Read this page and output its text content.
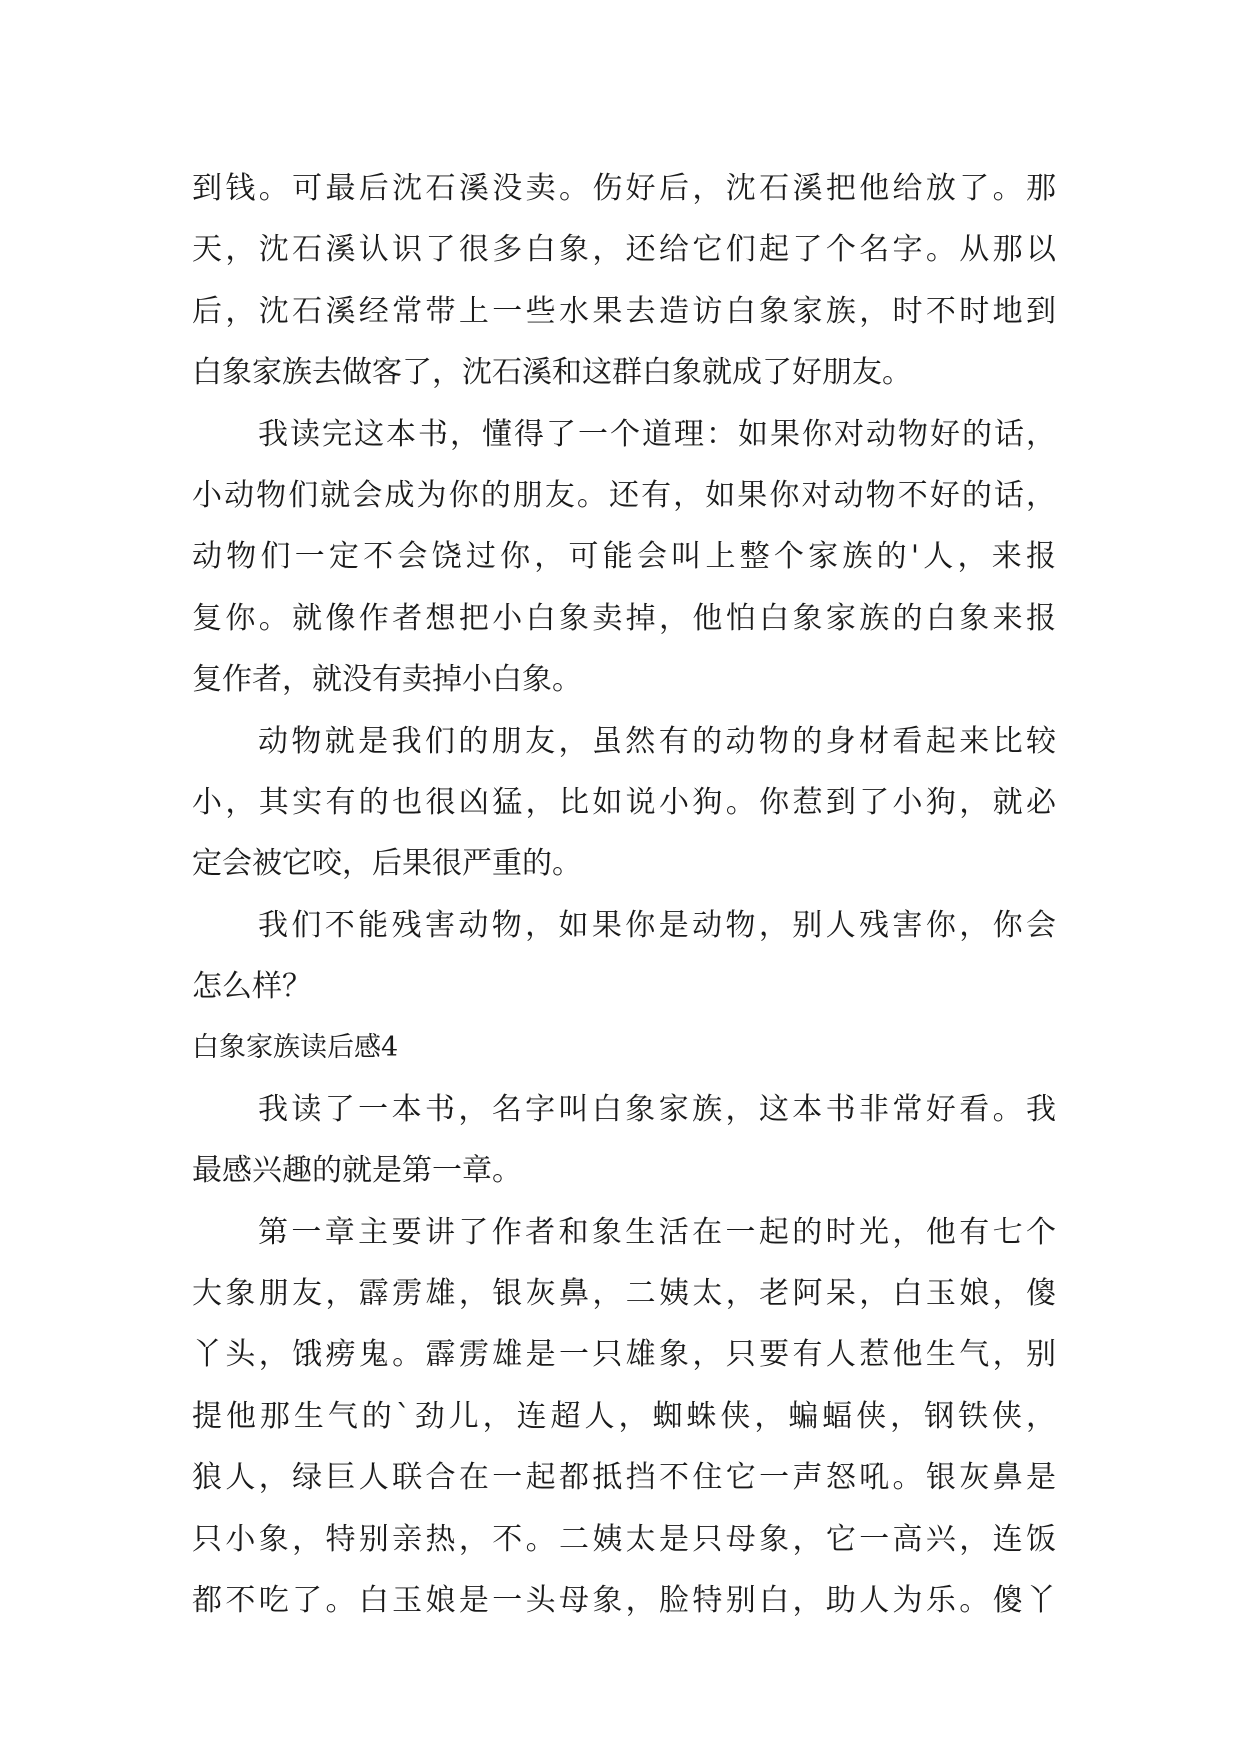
到钱。可最后沈石溪没卖。伤好后，沈石溪把他给放了。那
天，沈石溪认识了很多白象，还给它们起了个名字。从那以
后，沈石溪经常带上一些水果去造访白象家族，时不时地到
白象家族去做客了，沈石溪和这群白象就成了好朋友。
我读完这本书，懂得了一个道理：如果你对动物好的话，
小动物们就会成为你的朋友。还有，如果你对动物不好的话，
动物们一定不会饶过你，可能会叫上整个家族的'人，来报
复你。就像作者想把小白象卖掉，他怕白象家族的白象来报
复作者，就没有卖掉小白象。
动物就是我们的朋友，虽然有的动物的身材看起来比较
小，其实有的也很凶猛，比如说小狗。你惹到了小狗，就必
定会被它咬，后果很严重的。
我们不能残害动物，如果你是动物，别人残害你，你会
怎么样？
白象家族读后感4
我读了一本书，名字叫白象家族，这本书非常好看。我
最感兴趣的就是第一章。
第一章主要讲了作者和象生活在一起的时光，他有七个
大象朋友，霹雳雄，银灰鼻，二姨太，老阿呆，白玉娘，傻
丫头，饿痨鬼。霹雳雄是一只雄象，只要有人惹他生气，别
提他那生气的`劲儿，连超人，蜘蛛侠，蝙蝠侠，钢铁侠，
狼人，绿巨人联合在一起都抵挡不住它一声怒吼。银灰鼻是
只小象，特别亲热，不。二姨太是只母象，它一高兴，连饭
都不吃了。白玉娘是一头母象，脸特别白，助人为乐。傻丫
